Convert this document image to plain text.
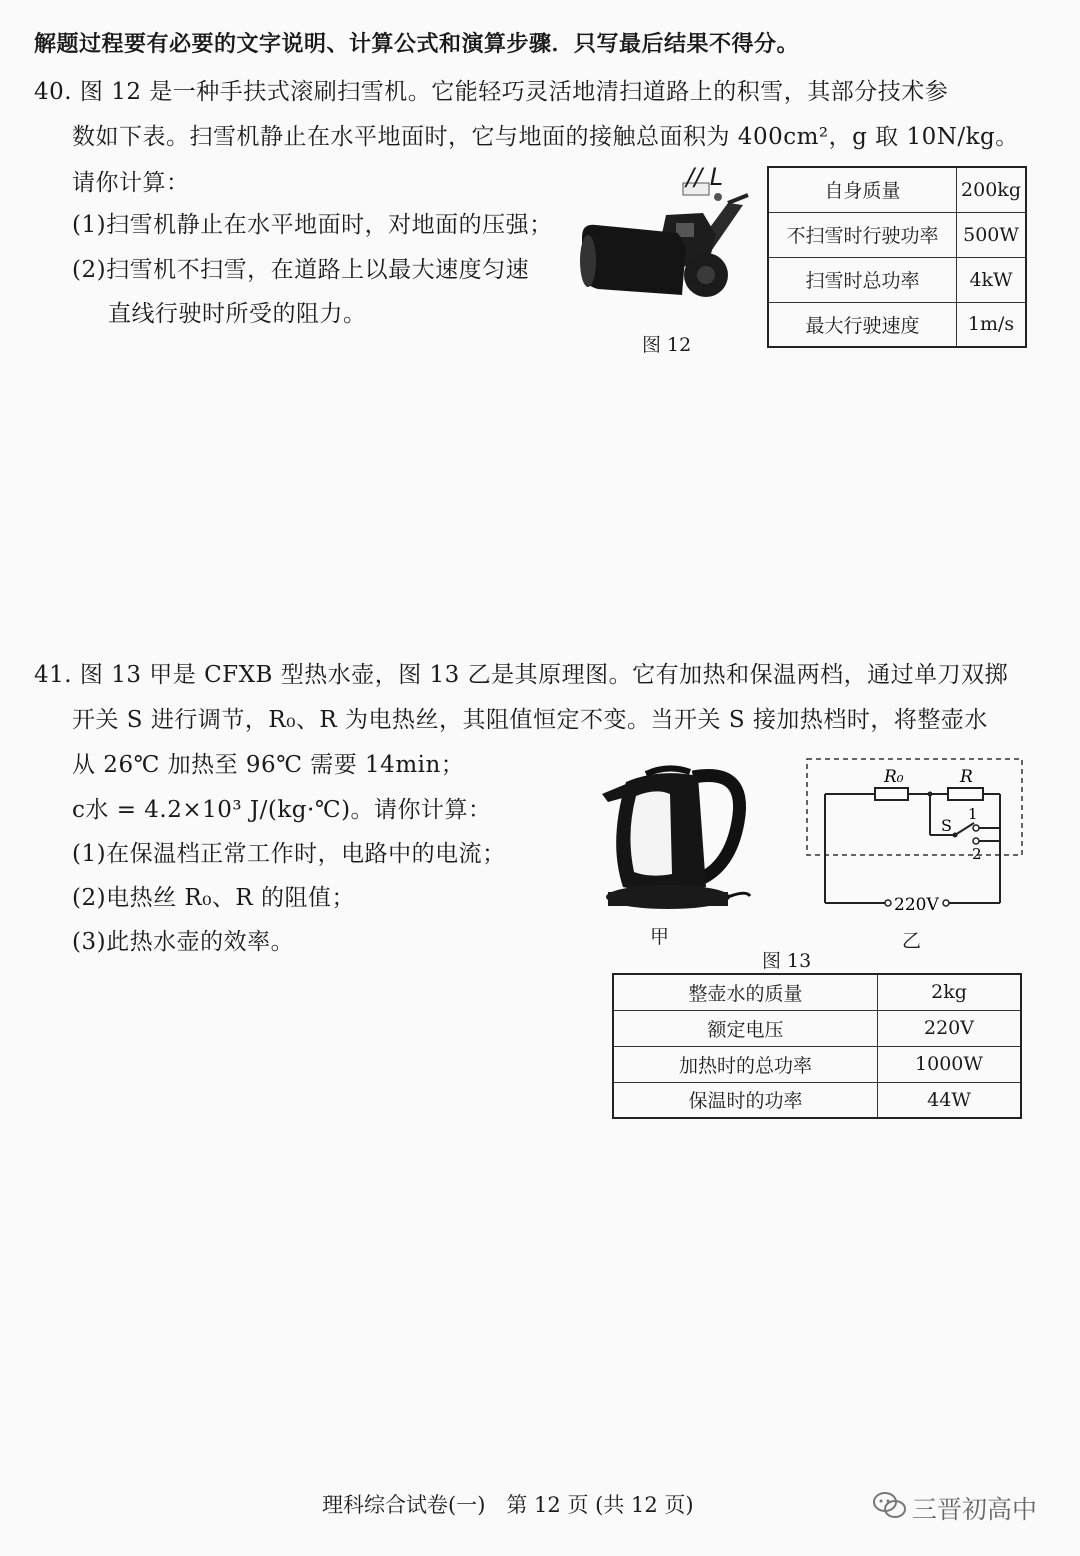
解题过程要有必要的文字说明、计算公式和演算步骤．只写最后结果不得分。
40. 图 12 是一种手扶式滚刷扫雪机。它能轻巧灵活地清扫道路上的积雪，其部分技术参
数如下表。扫雪机静止在水平地面时，它与地面的接触总面积为 400cm²，g 取 10N/kg。
请你计算：
(1)扫雪机静止在水平地面时，对地面的压强；
(2)扫雪机不扫雪，在道路上以最大速度匀速
直线行驶时所受的阻力。
// L
图 12
自身质量	200kg
不扫雪时行驶功率	500W
扫雪时总功率	4kW
最大行驶速度	1m/s
41. 图 13 甲是 CFXB 型热水壶，图 13 乙是其原理图。它有加热和保温两档，通过单刀双掷
开关 S 进行调节，R₀、R 为电热丝，其阻值恒定不变。当开关 S 接加热档时，将整壶水
从 26℃ 加热至 96℃ 需要 14min；
c水 = 4.2×10³ J/(kg·℃)。请你计算：
(1)在保温档正常工作时，电路中的电流；
(2)电热丝 R₀、R 的阻值；
(3)此热水壶的效率。	甲
R₀	R
S
1
2
220V
乙
图 13
整壶水的质量	2kg
额定电压	220V
加热时的总功率	1000W
保温时的功率	44W
理科综合试卷(一)　第 12 页 (共 12 页)	三晋初高中
